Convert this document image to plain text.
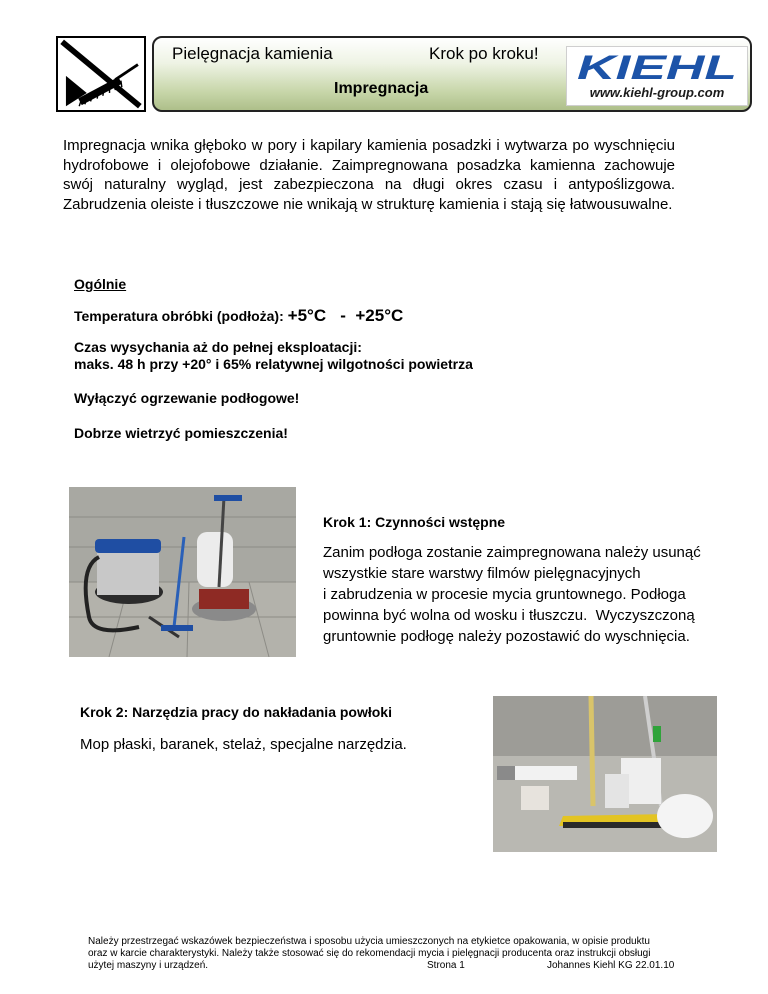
Pielęgnacja kamienia	Krok po kroku!
Impregnacja
KIEHL
www.kiehl-group.com
Impregnacja wnika głęboko w pory i kapilary kamienia posadzki i wytwarza po wyschnięciu hydrofobowe i olejofobowe działanie. Zaimpregnowana posadzka kamienna zachowuje swój naturalny wygląd, jest zabezpieczona na długi okres czasu i antypoślizgowa. Zabrudzenia oleiste i tłuszczowe nie wnikają w strukturę kamienia i stają się łatwousuwalne.
Ogólnie
Temperatura obróbki (podłoża): +5°C   -  +25°C
Czas wysychania aż do pełnej eksploatacji:
maks. 48 h przy +20° i 65% relatywnej wilgotności powietrza
Wyłączyć ogrzewanie podłogowe!
Dobrze wietrzyć pomieszczenia!
Krok 1: Czynności wstępne
Zanim podłoga zostanie zaimpregnowana należy usunąć
wszystkie stare warstwy filmów pielęgnacyjnych
i zabrudzenia w procesie mycia gruntownego. Podłoga
powinna być wolna od wosku i tłuszczu.  Wyczyszczoną
gruntownie podłogę należy pozostawić do wyschnięcia.
Krok 2: Narzędzia pracy do nakładania powłoki
Mop płaski, baranek, stelaż, specjalne narzędzia.
Należy przestrzegać wskazówek bezpieczeństwa i sposobu użycia umieszczonych na etykietce opakowania, w opisie produktu
oraz w karcie charakterystyki. Należy także stosować się do rekomendacji mycia i pielęgnacji producenta oraz instrukcji obsługi
użytej maszyny i urządzeń.	Strona 1	Johannes Kiehl KG 22.01.10
